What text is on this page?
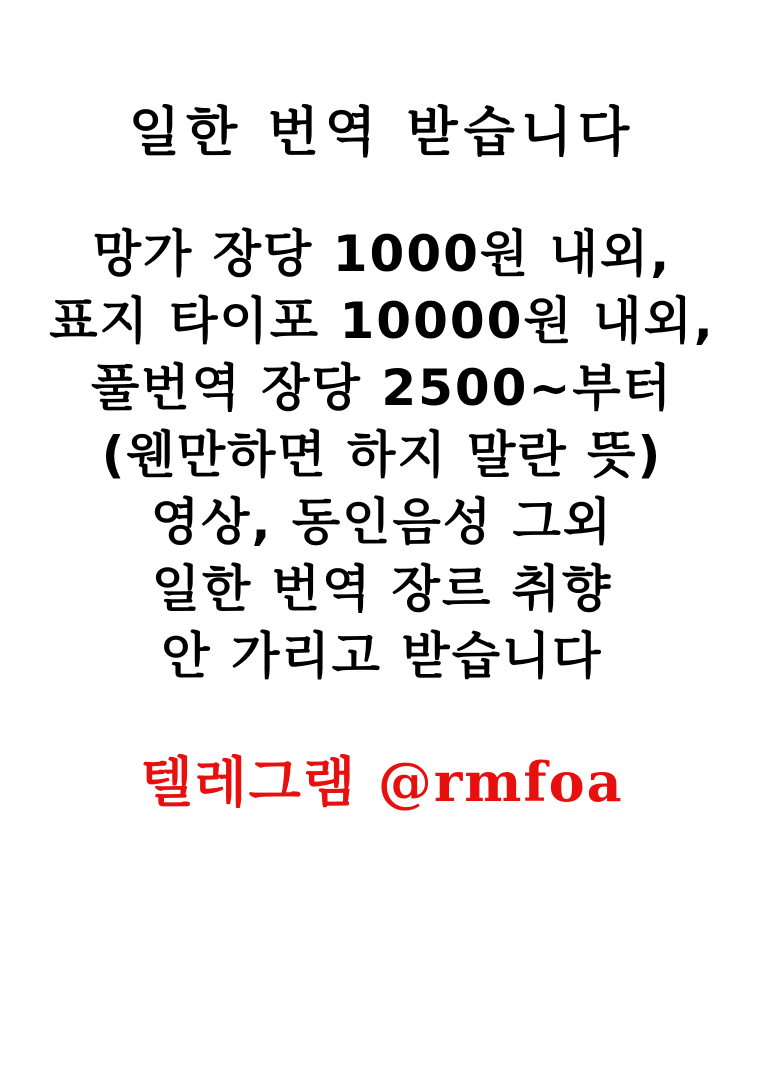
일한 번역 받습니다
망가 장당 1000원 내외,
표지 타이포 10000원 내외,
풀번역 장당 2500~부터
(웬만하면 하지 말란 뜻)
영상, 동인음성 그외
일한 번역 장르 취향
안 가리고 받습니다
텔레그램 @rmfoa
